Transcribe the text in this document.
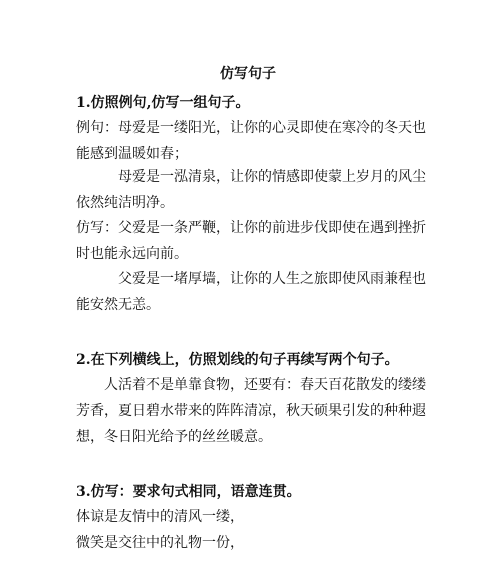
仿写句子
1.仿照例句,仿写一组句子。
例句：母爱是一缕阳光，让你的心灵即使在寒冷的冬天也能感到温暖如春；
母爱是一泓清泉，让你的情感即使蒙上岁月的风尘依然纯洁明净。
仿写：父爱是一条严鞭，让你的前进步伐即使在遇到挫折时也能永远向前。
父爱是一堵厚墙，让你的人生之旅即使风雨兼程也能安然无恙。
2.在下列横线上，仿照划线的句子再续写两个句子。
人活着不是单靠食物，还要有：春天百花散发的缕缕芳香，夏日碧水带来的阵阵清凉，秋天硕果引发的种种遐想，冬日阳光给予的丝丝暖意。
3.仿写：要求句式相同，语意连贯。
体谅是友情中的清风一缕，
微笑是交往中的礼物一份，
